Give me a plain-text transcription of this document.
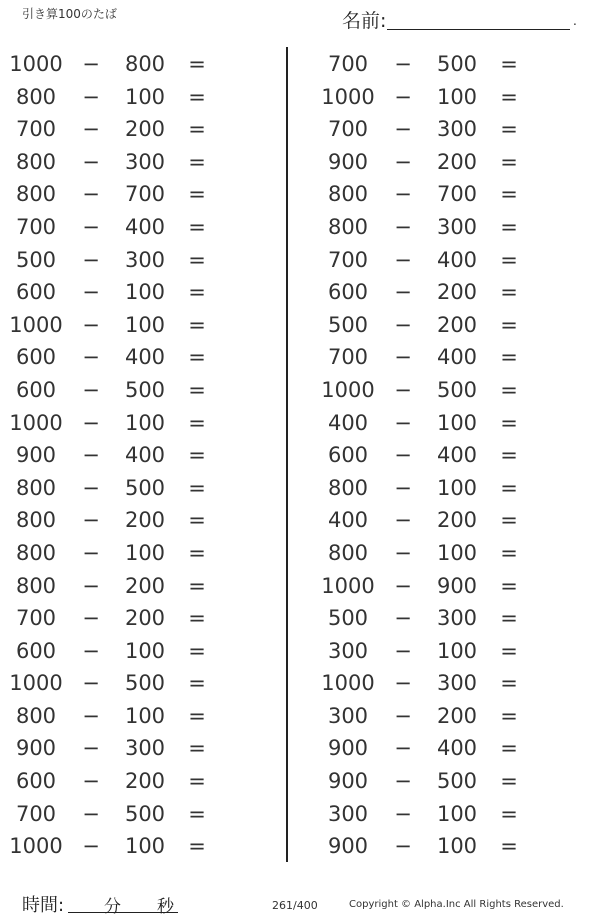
引き算100のたば	名前:	.
1000 − 800 =
800	− 100 =
700	− 200 =
800	− 300 =
800	− 700 =
700	− 400 =
500	− 300 =
600	− 100 =
1000 − 100 =
600	− 400 =
600	− 500 =
1000 − 100 =
900	− 400 =
800	− 500 =
800	− 200 =
800	− 100 =
800	− 200 =
700	− 200 =
600	− 100 =
1000 − 500 =
800	− 100 =
900	− 300 =
600	− 200 =
700	− 500 =
1000 − 100 =
700	− 500 =
1000 − 100 =
700	− 300 =
900	− 200 =
800	− 700 =
800	− 300 =
700	− 400 =
600	− 200 =
500	− 200 =
700	− 400 =
1000 − 500 =
400	− 100 =
600	− 400 =
800	− 100 =
400	− 200 =
800	− 100 =
1000 − 900 =
500	− 300 =
300	− 100 =
1000 − 300 =
300	− 200 =
900	− 400 =
900	− 500 =
300	− 100 =
900	− 100 =
時間: 分 秒	261/400	Copyright © Alpha.Inc All Rights Reserved.
